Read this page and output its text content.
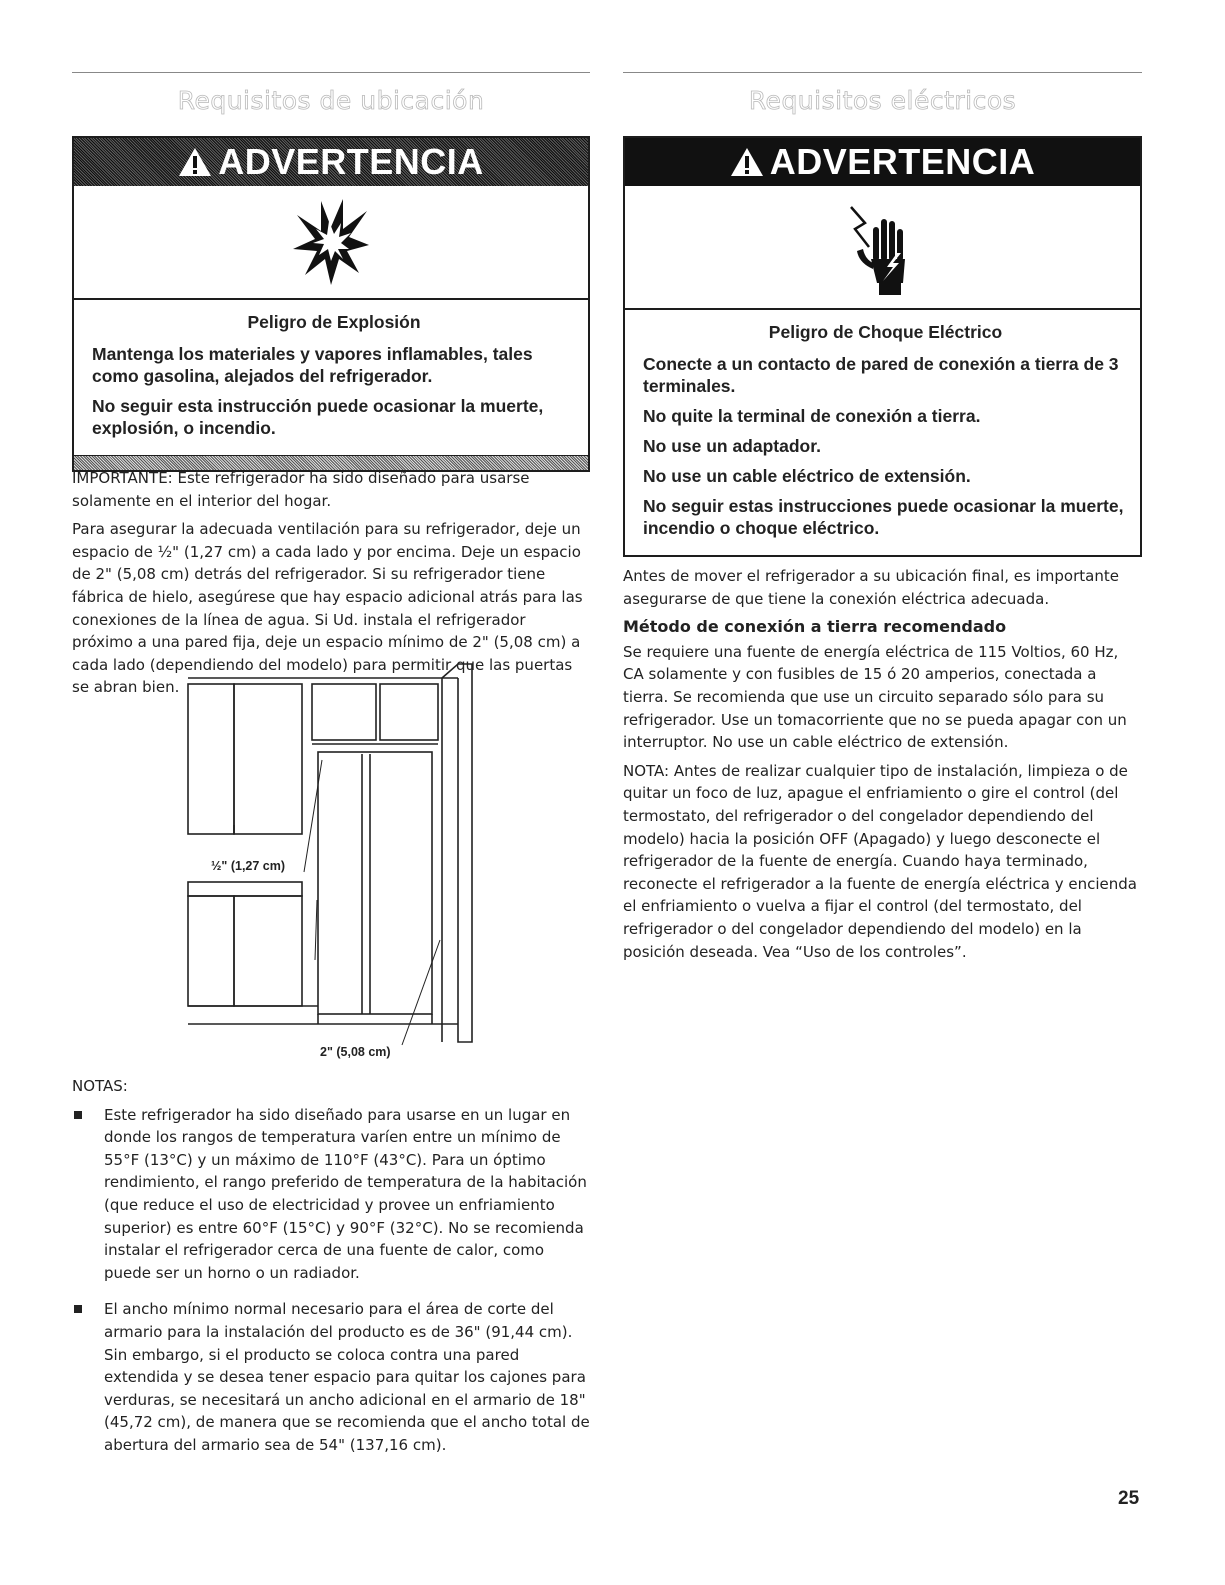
Requisitos de ubicación
ADVERTENCIA
Peligro de Explosión
Mantenga los materiales y vapores inflamables, tales como gasolina, alejados del refrigerador.
No seguir esta instrucción puede ocasionar la muerte, explosión, o incendio.

IMPORTANTE: Este refrigerador ha sido diseñado para usarse solamente en el interior del hogar.

Para asegurar la adecuada ventilación para su refrigerador, deje un espacio de ½" (1,27 cm) a cada lado y por encima. Deje un espacio de 2" (5,08 cm) detrás del refrigerador. Si su refrigerador tiene fábrica de hielo, asegúrese que hay espacio adicional atrás para las conexiones de la línea de agua. Si Ud. instala el refrigerador próximo a una pared fija, deje un espacio mínimo de 2" (5,08 cm) a cada lado (dependiendo del modelo) para permitir que las puertas se abran bien.

NOTAS:

Este refrigerador ha sido diseñado para usarse en un lugar en donde los rangos de temperatura varíen entre un mínimo de 55°F (13°C) y un máximo de 110°F (43°C). Para un óptimo rendimiento, el rango preferido de temperatura de la habitación (que reduce el uso de electricidad y provee un enfriamiento superior) es entre 60°F (15°C) y 90°F (32°C). No se recomienda instalar el refrigerador cerca de una fuente de calor, como puede ser un horno o un radiador.
El ancho mínimo normal necesario para el área de corte del armario para la instalación del producto es de 36" (91,44 cm). Sin embargo, si el producto se coloca contra una pared extendida y se desea tener espacio para quitar los cajones para verduras, se necesitará un ancho adicional en el armario de 18" (45,72 cm), de manera que se recomienda que el ancho total de abertura del armario sea de 54" (137,16 cm).
½" (1,27 cm)
2" (5,08 cm)
Requisitos eléctricos
ADVERTENCIA
Peligro de Choque Eléctrico
Conecte a un contacto de pared de conexión a tierra de 3 terminales.
No quite la terminal de conexión a tierra.
No use un adaptador.
No use un cable eléctrico de extensión.
No seguir estas instrucciones puede ocasionar la muerte, incendio o choque eléctrico.

Antes de mover el refrigerador a su ubicación final, es importante asegurarse de que tiene la conexión eléctrica adecuada.

Método de conexión a tierra recomendado

Se requiere una fuente de energía eléctrica de 115 Voltios, 60 Hz, CA solamente y con fusibles de 15 ó 20 amperios, conectada a tierra. Se recomienda que use un circuito separado sólo para su refrigerador. Use un tomacorriente que no se pueda apagar con un interruptor. No use un cable eléctrico de extensión.

NOTA: Antes de realizar cualquier tipo de instalación, limpieza o de quitar un foco de luz, apague el enfriamiento o gire el control (del termostato, del refrigerador o del congelador dependiendo del modelo) hacia la posición OFF (Apagado) y luego desconecte el refrigerador de la fuente de energía. Cuando haya terminado, reconecte el refrigerador a la fuente de energía eléctrica y encienda el enfriamiento o vuelva a fijar el control (del termostato, del refrigerador o del congelador dependiendo del modelo) en la posición deseada. Vea “Uso de los controles”.

25
